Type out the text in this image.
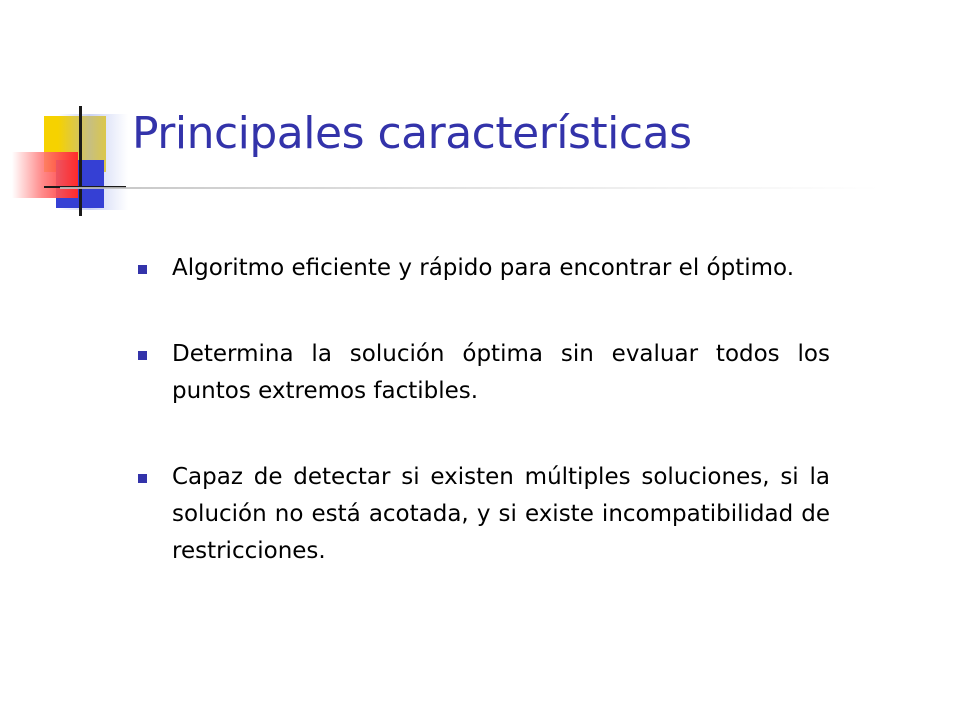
Principales características
Algoritmo eficiente y rápido para encontrar el óptimo.
Determina la solución óptima sin evaluar todos los puntos extremos factibles.
Capaz de detectar si existen múltiples soluciones, si la solución no está acotada, y si existe incompatibilidad de restricciones.
